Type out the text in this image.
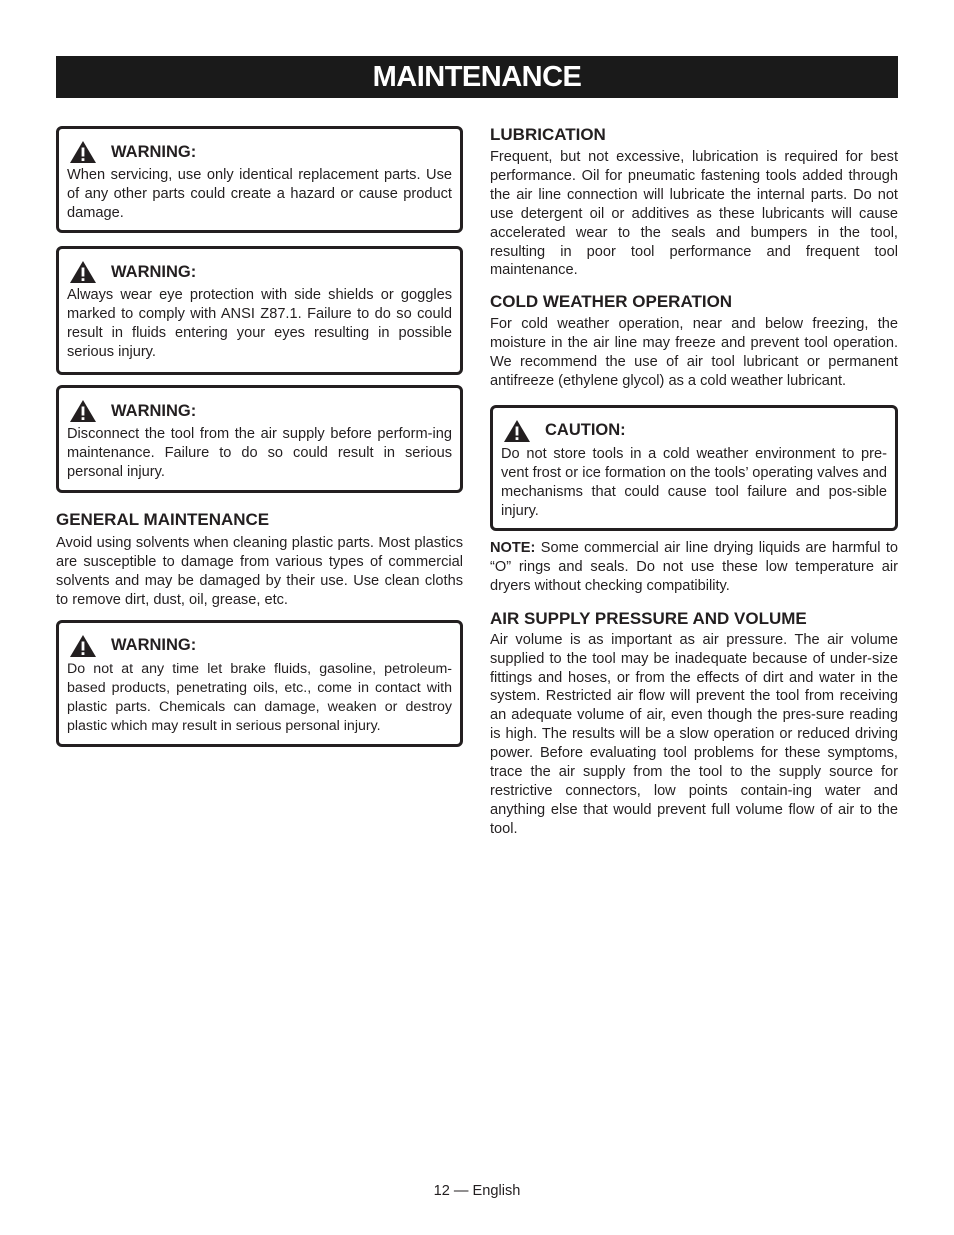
MAINTENANCE
WARNING:
When servicing, use only identical replacement parts. Use of any other parts could create a hazard or cause product damage.
WARNING:
Always wear eye protection with side shields or goggles marked to comply with ANSI Z87.1. Failure to do so could result in fluids entering your eyes resulting in possible serious injury.
WARNING:
Disconnect the tool from the air supply before perform-ing maintenance. Failure to do so could result in serious personal injury.
GENERAL MAINTENANCE

Avoid using solvents when cleaning plastic parts. Most plastics are susceptible to damage from various types of commercial solvents and may be damaged by their use. Use clean cloths to remove dirt, dust, oil, grease, etc.

WARNING:
Do not at any time let brake fluids, gasoline, petroleum-based products, penetrating oils, etc., come in contact with plastic parts. Chemicals can damage, weaken or destroy plastic which may result in serious personal injury.
LUBRICATION

Frequent, but not excessive, lubrication is required for best performance. Oil for pneumatic fastening tools added through the air line connection will lubricate the internal parts. Do not use detergent oil or additives as these lubricants will cause accelerated wear to the seals and bumpers in the tool, resulting in poor tool performance and frequent tool maintenance.

COLD WEATHER OPERATION

For cold weather operation, near and below freezing, the moisture in the air line may freeze and prevent tool operation. We recommend the use of air tool lubricant or permanent antifreeze (ethylene glycol) as a cold weather lubricant.

CAUTION:
Do not store tools in a cold weather environment to pre-vent frost or ice formation on the tools’ operating valves and mechanisms that could cause tool failure and pos-sible injury.

NOTE: Some commercial air line drying liquids are harmful to “O” rings and seals. Do not use these low temperature air dryers without checking compatibility.

AIR SUPPLY PRESSURE AND VOLUME

Air volume is as important as air pressure. The air volume supplied to the tool may be inadequate because of under-size fittings and hoses, or from the effects of dirt and water in the system. Restricted air flow will prevent the tool from receiving an adequate volume of air, even though the pres-sure reading is high. The results will be a slow operation or reduced driving power. Before evaluating tool problems for these symptoms, trace the air supply from the tool to the supply source for restrictive connectors, low points contain-ing water and anything else that would prevent full volume flow of air to the tool.

12 — English
